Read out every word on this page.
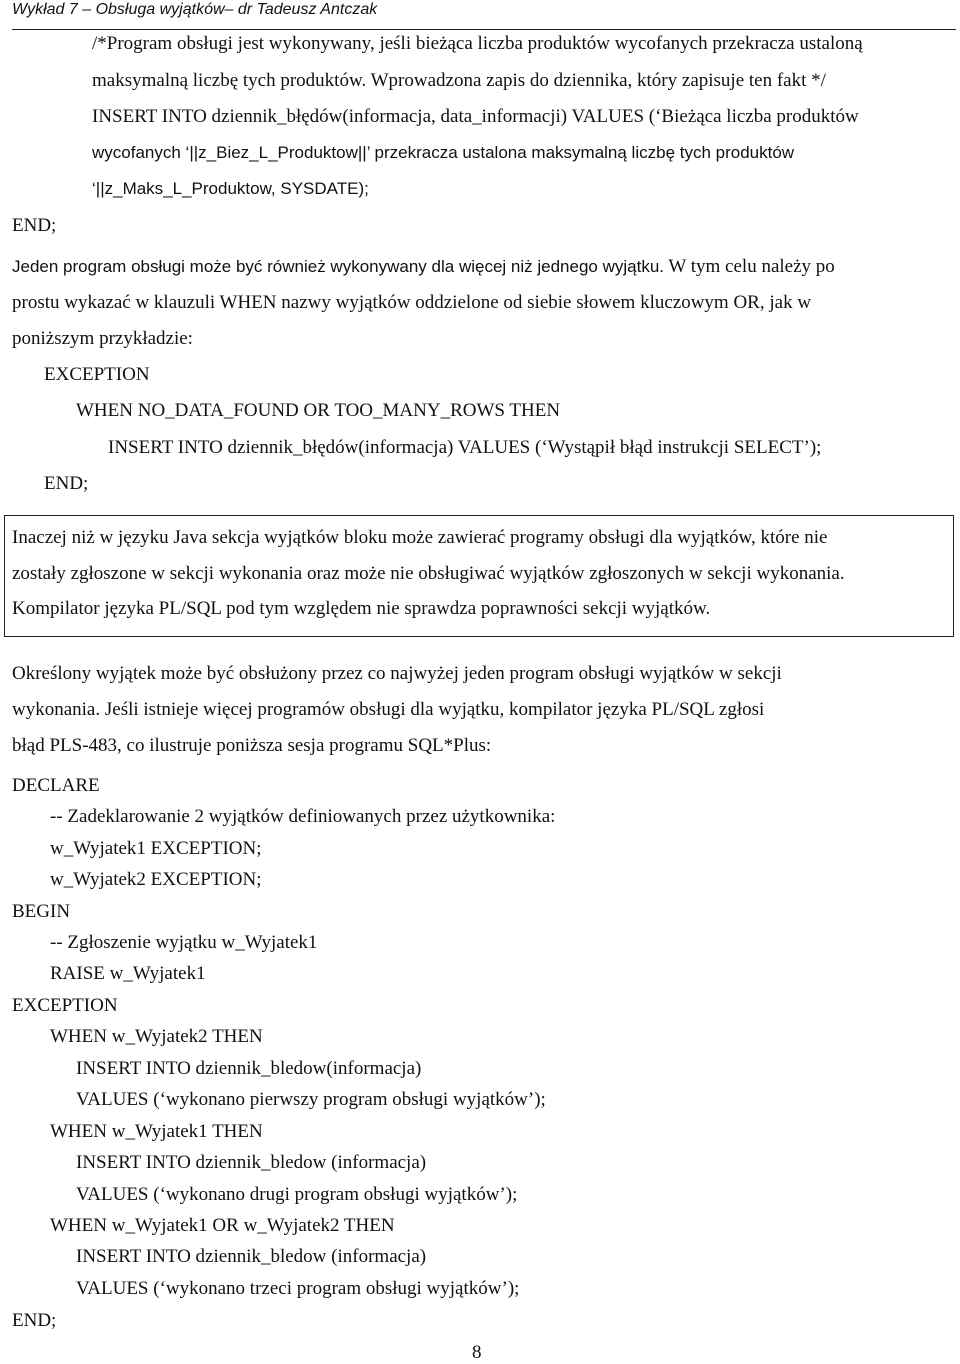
Wykład 7 – Obsługa wyjątków– dr Tadeusz Antczak
/*Program obsługi jest wykonywany, jeśli bieżąca liczba produktów wycofanych przekracza ustaloną
maksymalną liczbę tych produktów. Wprowadzona zapis do dziennika, który zapisuje ten fakt */
INSERT INTO dziennik_błędów(informacja, data_informacji) VALUES (‘Bieżąca liczba produktów
wycofanych ‘||z_Biez_L_Produktow||’ przekracza ustalona maksymalną liczbę tych produktów
‘||z_Maks_L_Produktow, SYSDATE);
END;
Jeden program obsługi może być również wykonywany dla więcej niż jednego wyjątku. W tym celu należy po
prostu wykazać w klauzuli WHEN nazwy wyjątków oddzielone od siebie słowem kluczowym OR, jak w
poniższym przykładzie:
EXCEPTION
WHEN NO_DATA_FOUND OR TOO_MANY_ROWS THEN
INSERT INTO dziennik_błędów(informacja) VALUES (‘Wystąpił błąd instrukcji SELECT’);
END;
Inaczej niż w języku Java sekcja wyjątków bloku może zawierać programy obsługi dla wyjątków, które nie
zostały zgłoszone w sekcji wykonania oraz może nie obsługiwać wyjątków zgłoszonych w sekcji wykonania.
Kompilator języka PL/SQL pod tym względem nie sprawdza poprawności sekcji wyjątków.
Określony wyjątek może być obsłużony przez co najwyżej jeden program obsługi wyjątków w sekcji
wykonania. Jeśli istnieje więcej programów obsługi dla wyjątku, kompilator języka PL/SQL zgłosi
błąd PLS-483, co ilustruje poniższa sesja programu SQL*Plus:
DECLARE
-- Zadeklarowanie 2 wyjątków definiowanych przez użytkownika:
w_Wyjatek1 EXCEPTION;
w_Wyjatek2 EXCEPTION;
BEGIN
-- Zgłoszenie wyjątku w_Wyjatek1
RAISE w_Wyjatek1
EXCEPTION
WHEN w_Wyjatek2 THEN
INSERT INTO dziennik_bledow(informacja)
VALUES (‘wykonano pierwszy program obsługi wyjątków’);
WHEN w_Wyjatek1 THEN
INSERT INTO dziennik_bledow (informacja)
VALUES (‘wykonano drugi program obsługi wyjątków’);
WHEN w_Wyjatek1 OR w_Wyjatek2 THEN
INSERT INTO dziennik_bledow (informacja)
VALUES (‘wykonano trzeci program obsługi wyjątków’);
END;
8
